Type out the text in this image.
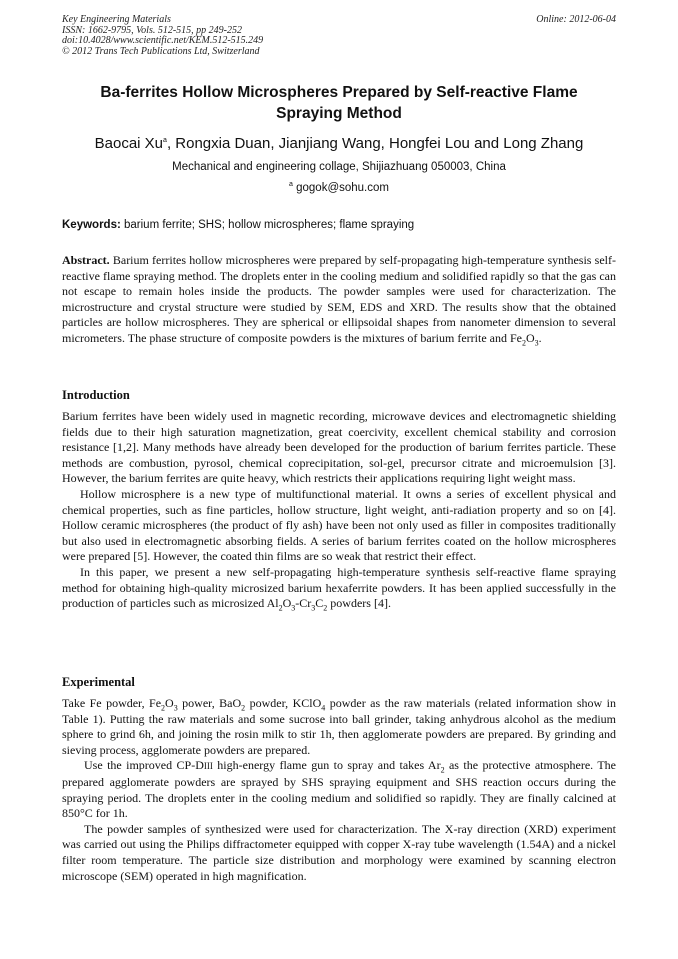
Key Engineering Materials
ISSN: 1662-9795, Vols. 512-515, pp 249-252
doi:10.4028/www.scientific.net/KEM.512-515.249
© 2012 Trans Tech Publications Ltd, Switzerland
Online: 2012-06-04
Ba-ferrites Hollow Microspheres Prepared by Self-reactive Flame
Spraying Method
Baocai Xu$^a$, Rongxia Duan, Jianjiang Wang, Hongfei Lou and Long Zhang
Mechanical and engineering collage, Shijiazhuang 050003, China
$^a$ gogok@sohu.com
Keywords: barium ferrite; SHS; hollow microspheres; flame spraying
Abstract. Barium ferrites hollow microspheres were prepared by self-propagating high-temperature synthesis self-reactive flame spraying method. The droplets enter in the cooling medium and solidified rapidly so that the gas can not escape to remain holes inside the products. The powder samples were used for characterization. The microstructure and crystal structure were studied by SEM, EDS and XRD. The results show that the obtained particles are hollow microspheres. They are spherical or ellipsoidal shapes from nanometer dimension to several micrometers. The phase structure of composite powders is the mixtures of barium ferrite and $Fe_2O_3$.
Introduction

Barium ferrites have been widely used in magnetic recording, microwave devices and electromagnetic shielding fields due to their high saturation magnetization, great coercivity, excellent chemical stability and corrosion resistance [1,2]. Many methods have already been developed for the production of barium ferrites particle. These methods are combustion, pyrosol, chemical coprecipitation, sol-gel, precursor citrate and microemulsion [3]. However, the barium ferrites are quite heavy, which restricts their applications requiring light weight mass.

Hollow microsphere is a new type of multifunctional material. It owns a series of excellent physical and chemical properties, such as fine particles, hollow structure, light weight, anti-radiation property and so on [4]. Hollow ceramic microspheres (the product of fly ash) have been not only used as filler in composites traditionally but also used in electromagnetic absorbing fields. A series of barium ferrites coated on the hollow microspheres were prepared [5]. However, the coated thin films are so weak that restrict their effect.

In this paper, we present a new self-propagating high-temperature synthesis self-reactive flame spraying method for obtaining high-quality microsized barium hexaferrite powders. It has been applied successfully in the production of particles such as microsized $Al_2O_3-Cr_3C_2$ powders [4].

Experimental

Take Fe powder, $Fe_2O_3$ power, BaO$_2$ powder, KClO$_4$ powder as the raw materials (related information show in Table 1). Putting the raw materials and some sucrose into ball grinder, taking anhydrous alcohol as the medium sphere to grind 6h, and joining the rosin milk to stir 1h, then agglomerate powders are prepared. By grinding and sieving process, agglomerate powders are prepared.

Use the improved CP-DIII high-energy flame gun to spray and takes $Ar_2$ as the protective atmosphere. The prepared agglomerate powders are sprayed by SHS spraying equipment and SHS reaction occurs during the spraying period. The droplets enter in the cooling medium and solidified so rapidly. They are finally calcined at 850°C for 1h.

The powder samples of synthesized were used for characterization. The X-ray direction (XRD) experiment was carried out using the Philips diffractometer equipped with copper X-ray tube wavelength (1.54A) and a nickel filter room temperature. The particle size distribution and morphology were examined by scanning electron microscope (SEM) operated in high magnification.
